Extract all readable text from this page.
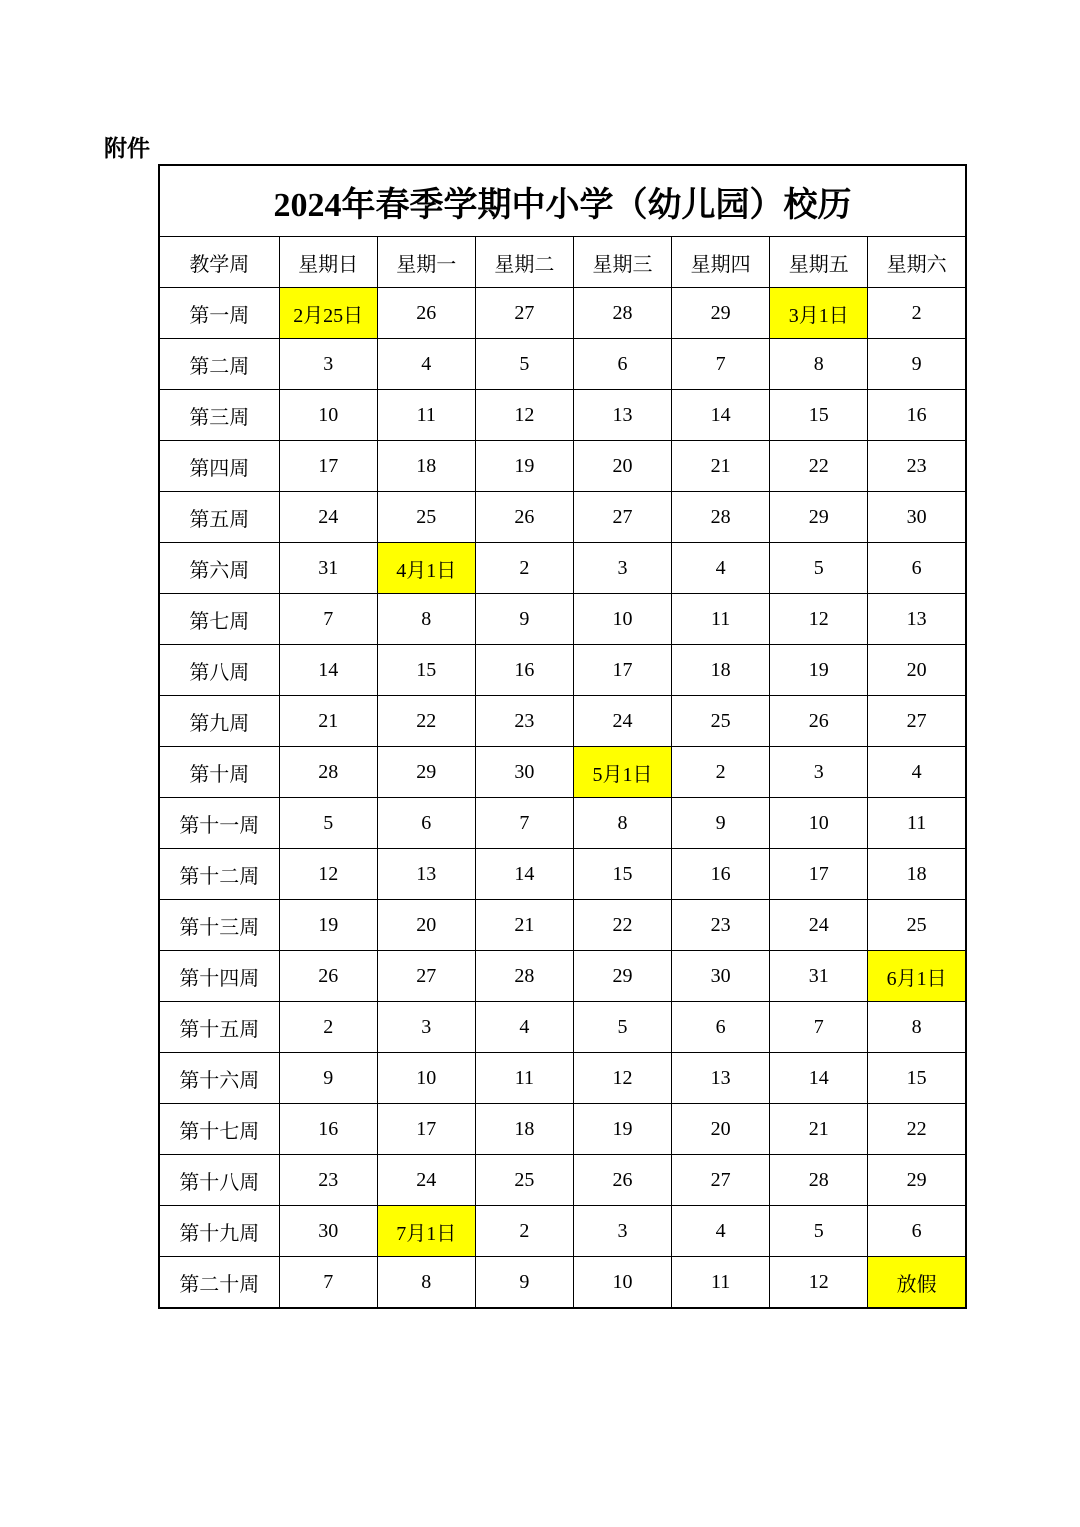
附件
2024年春季学期中小学（幼儿园）校历							
教学周	星期日	星期一	星期二	星期三	星期四	星期五	星期六
第一周	2月25日	26	27	28	29	3月1日	2
第二周	3	4	5	6	7	8	9
第三周	10	11	12	13	14	15	16
第四周	17	18	19	20	21	22	23
第五周	24	25	26	27	28	29	30
第六周	31	4月1日	2	3	4	5	6
第七周	7	8	9	10	11	12	13
第八周	14	15	16	17	18	19	20
第九周	21	22	23	24	25	26	27
第十周	28	29	30	5月1日	2	3	4
第十一周	5	6	7	8	9	10	11
第十二周	12	13	14	15	16	17	18
第十三周	19	20	21	22	23	24	25
第十四周	26	27	28	29	30	31	6月1日
第十五周	2	3	4	5	6	7	8
第十六周	9	10	11	12	13	14	15
第十七周	16	17	18	19	20	21	22
第十八周	23	24	25	26	27	28	29
第十九周	30	7月1日	2	3	4	5	6
第二十周	7	8	9	10	11	12	放假
